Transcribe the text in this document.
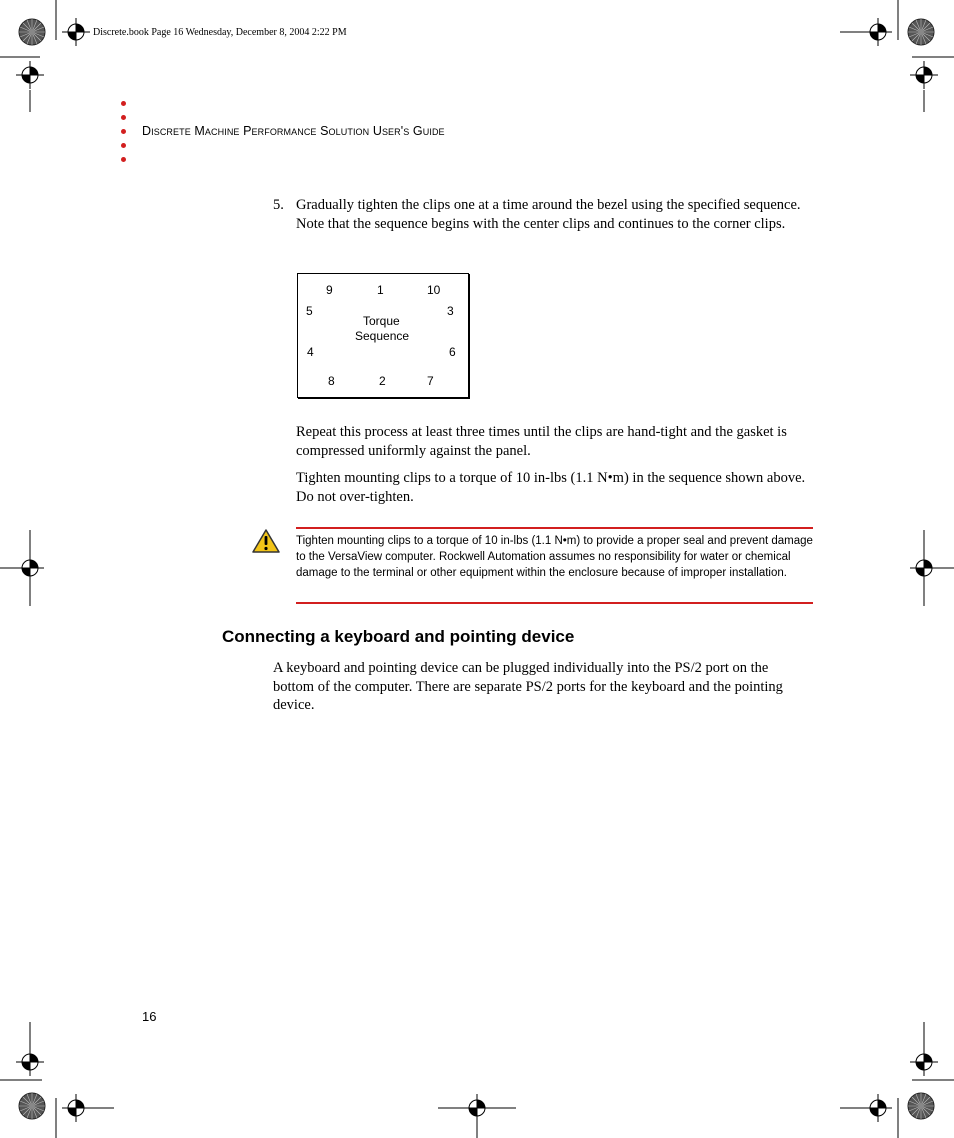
Discrete.book Page 16 Wednesday, December 8, 2004 2:22 PM
Discrete Machine Performance Solution User's Guide
5. Gradually tighten the clips one at a time around the bezel using the specified sequence. Note that the sequence begins with the center clips and continues to the corner clips.
9	1	10
5	3
Torque
Sequence
4	6
8	2	7
Repeat this process at least three times until the clips are hand-tight and the gasket is compressed uniformly against the panel.
Tighten mounting clips to a torque of 10 in-lbs (1.1 N•m) in the sequence shown above. Do not over-tighten.
Tighten mounting clips to a torque of 10 in-lbs (1.1 N•m) to provide a proper seal and prevent damage to the VersaView computer. Rockwell Automation assumes no responsibility for water or chemical damage to the terminal or other equipment within the enclosure because of improper installation.
Connecting a keyboard and pointing device
A keyboard and pointing device can be plugged individually into the PS/2 port on the bottom of the computer. There are separate PS/2 ports for the keyboard and the pointing device.
16
